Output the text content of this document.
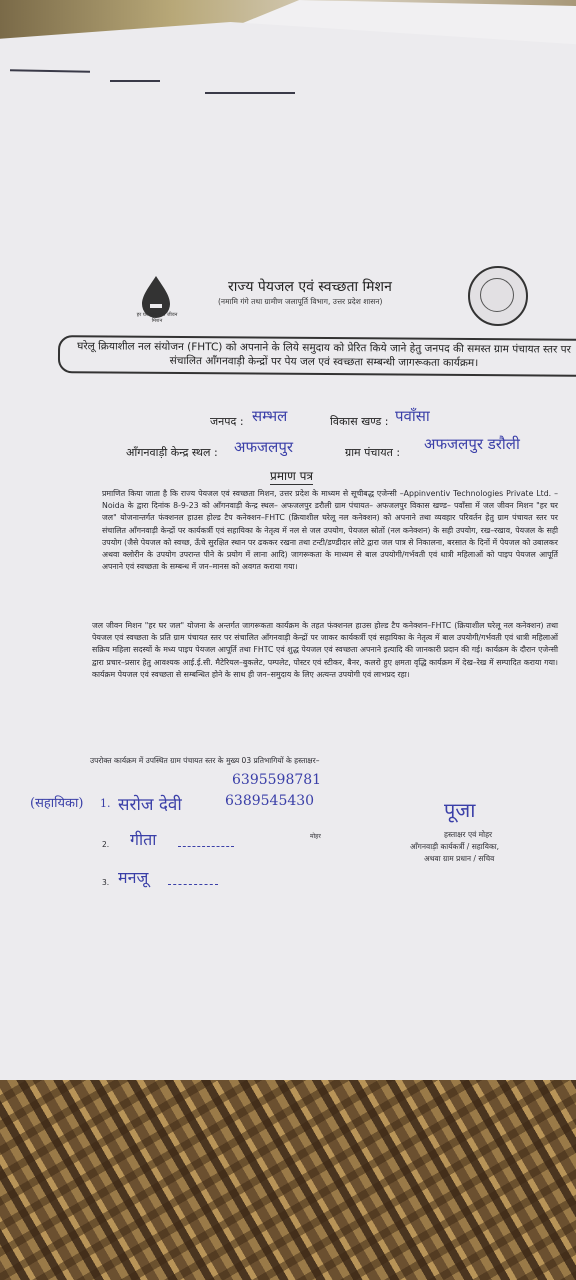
हर घर जल जल जीवन मिशन
राज्य पेयजल एवं स्वच्छता मिशन
(नमामि गंगे तथा ग्रामीण जलापूर्ति विभाग, उत्तर प्रदेश शासन)
घरेलू क्रियाशील नल संयोजन (FHTC) को अपनाने के लिये समुदाय को प्रेरित किये जाने हेतु जनपद की समस्त ग्राम पंचायत स्तर पर संचालित आँगनवाड़ी केन्द्रों पर पेय जल एवं स्वच्छता सम्बन्धी जागरूकता कार्यक्रम।
जनपद : सम्भल	विकास खण्ड : पवाँसा
आँगनवाड़ी केन्द्र स्थल : अफजलपुर	ग्राम पंचायत : अफजलपुर डरौली
प्रमाण पत्र
प्रमाणित किया जाता है कि राज्य पेयजल एवं स्वच्छता मिशन, उत्तर प्रदेश के माध्यम से सूचीबद्ध एजेन्सी –Appinventiv Technologies Private Ltd. – Noida के द्वारा दिनांक 8-9-23 को आँगनवाड़ी केन्द्र स्थल– अफजलपुर डरौली ग्राम पंचायत– अफजलपुर विकास खण्ड– पवाँसा में जल जीवन मिशन "हर घर जल" योजनान्तर्गत फंक्शनल हाउस होल्ड टैप कनेक्शन–FHTC (क्रियाशील घरेलू नल कनेक्शन) को अपनाने तथा व्यवहार परिवर्तन हेतु ग्राम पंचायत स्तर पर संचालित आँगनवाड़ी केन्द्रों पर कार्यकर्त्री एवं सहायिका के नेतृत्व में नल से जल उपयोग, पेयजल स्रोतों (नल कनेक्शन) के सही उपयोग, रख–रखाव, पेयजल के सही उपयोग (जैसे पेयजल को स्वच्छ, ऊँचे सुरक्षित स्थान पर ढककर रखना तथा टन्टी/डण्डीदार लोटे द्वारा जल पात्र से निकालना, बरसात के दिनों में पेयजल को उबालकर अथवा क्लोरीन के उपयोग उपरान्त पीने के प्रयोग में लाना आदि) जागरूकता के माध्यम से बाल उपयोगी/गर्भवती एवं धात्री महिलाओं को पाइप पेयजल आपूर्ति अपनाने एवं स्वच्छता के सम्बन्ध में जन–मानस को अवगत कराया गया।
जल जीवन मिशन "हर घर जल" योजना के अन्तर्गत जागरूकता कार्यक्रम के तहत फंक्शनल हाउस होल्ड टैप कनेक्शन–FHTC (क्रियाशील घरेलू नल कनेक्शन) तथा पेयजल एवं स्वच्छता के प्रति ग्राम पंचायत स्तर पर संचालित आँगनवाड़ी केन्द्रों पर जाकर कार्यकर्त्री एवं सहायिका के नेतृत्व में बाल उपयोगी/गर्भवती एवं धात्री महिलाओं सक्रिय महिला सदस्यों के मध्य पाइप पेयजल आपूर्ति तथा FHTC एवं शुद्ध पेयजल एवं स्वच्छता अपनाने इत्यादि की जानकारी प्रदान की गई। कार्यक्रम के दौरान एजेन्सी द्वारा प्रचार–प्रसार हेतु आवश्यक आई.ई.सी. मैटेरियल–बुकलेट, पम्पलेट, पोस्टर एवं स्टीकर, बैनर, कलरो हुए क्षमता वृद्धि कार्यक्रम में देख–रेख में सम्पादित कराया गया। कार्यक्रम पेयजल एवं स्वच्छता से सम्बन्धित होने के साथ ही जन–समुदाय के लिए अत्यन्त उपयोगी एवं लाभप्रद रहा।
उपरोक्त कार्यक्रम में उपस्थित ग्राम पंचायत स्तर के मुख्य 03 प्रतिभागियों के हस्ताक्षर–
(सहायिका) 1. सरोज देवी
6395598781
6389545430
2. गीता
3. मनजू
मोहर
पूजा
हस्ताक्षर एवं मोहर
आँगनवाड़ी कार्यकर्त्री / सहायिका,
अथवा ग्राम प्रधान / सचिव
